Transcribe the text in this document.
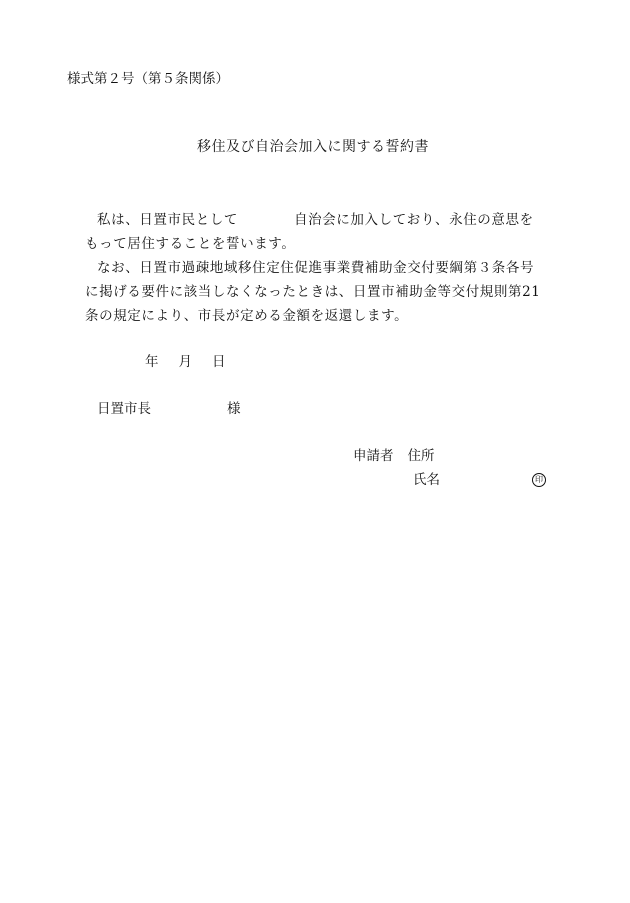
様式第２号（第５条関係）
移住及び自治会加入に関する誓約書
私は、日置市民として	自治会に加入しており、永住の意思を
もって居住することを誓います。
なお、日置市過疎地域移住定住促進事業費補助金交付要綱第３条各号
に掲げる要件に該当しなくなったときは、日置市補助金等交付規則第21
条の規定により、市長が定める金額を返還します。
年 月 日
日置市長	様
申請者 住所
氏名	印
